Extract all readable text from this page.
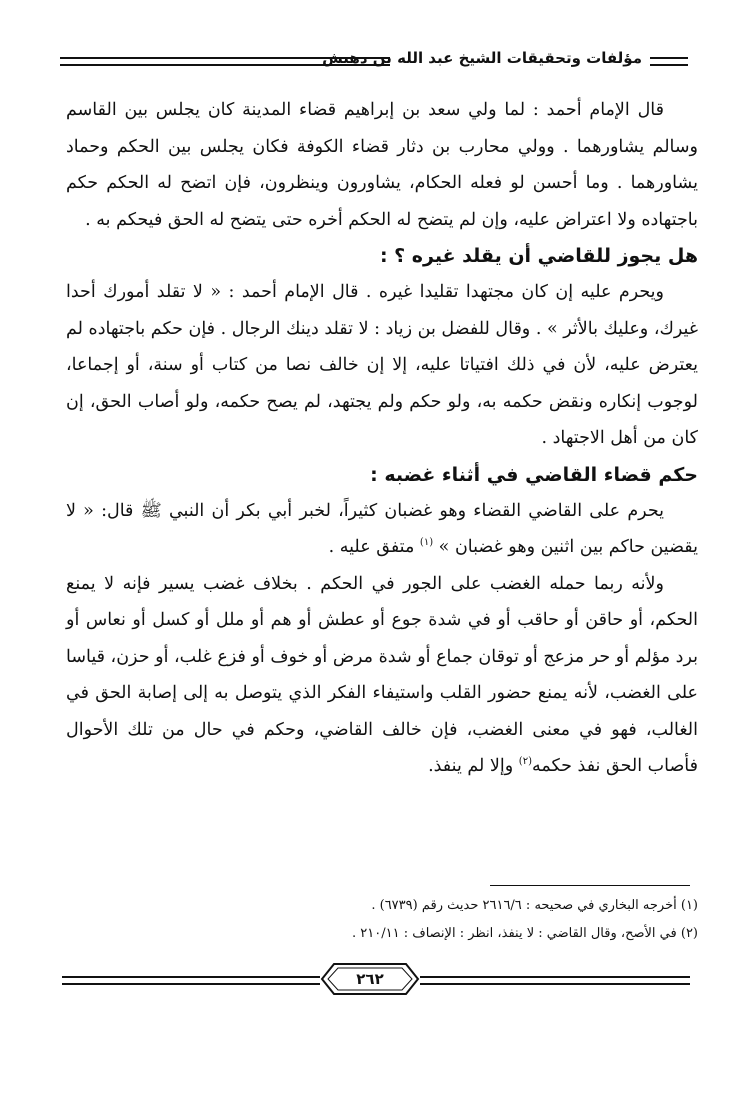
مؤلفات وتحقيقات الشيخ عبد الله بن دهيش

قال الإمام أحمد : لما ولي سعد بن إبراهيم قضاء المدينة كان يجلس بين القاسم وسالم يشاورهما . وولي محارب بن دثار قضاء الكوفة فكان يجلس بين الحكم وحماد يشاورهما . وما أحسن لو فعله الحكام، يشاورون وينظرون، فإن اتضح له الحكم حكم باجتهاده ولا اعتراض عليه، وإن لم يتضح له الحكم أخره حتى يتضح له الحق فيحكم به .

هل يجوز للقاضي أن يقلد غيره ؟ :

ويحرم عليه إن كان مجتهدا تقليدا غيره . قال الإمام أحمد : « لا تقلد أمورك أحدا غيرك، وعليك بالأثر » . وقال للفضل بن زياد : لا تقلد دينك الرجال . فإن حكم باجتهاده لم يعترض عليه، لأن في ذلك افتياتا عليه، إلا إن خالف نصا من كتاب أو سنة، أو إجماعا، لوجوب إنكاره ونقض حكمه به، ولو حكم ولم يجتهد، لم يصح حكمه، ولو أصاب الحق، إن كان من أهل الاجتهاد .

حكم قضاء القاضي في أثناء غضبه :

يحرم على القاضي القضاء وهو غضبان كثيراً، لخبر أبي بكر أن النبي ﷺ قال: « لا يقضين حاكم بين اثنين وهو غضبان » $^{(١)}$ متفق عليه .

ولأنه ربما حمله الغضب على الجور في الحكم . بخلاف غضب يسير فإنه لا يمنع الحكم، أو حاقن أو حاقب أو في شدة جوع أو عطش أو هم أو ملل أو كسل أو نعاس أو برد مؤلم أو حر مزعج أو توقان جماع أو شدة مرض أو خوف أو فزع غلب، أو حزن، قياسا على الغضب، لأنه يمنع حضور القلب واستيفاء الفكر الذي يتوصل به إلى إصابة الحق في الغالب، فهو في معنى الغضب، فإن خالف القاضي، وحكم في حال من تلك الأحوال فأصاب الحق نفذ حكمه$^{(٢)}$ وإلا لم ينفذ.

(١) أخرجه البخاري في صحيحه : ٢٦١٦/٦ حديث رقم (٦٧٣٩) .

(٢) في الأصح، وقال القاضي : لا ينفذ، انظر : الإنصاف : ٢١٠/١١ .

٢٦٢
